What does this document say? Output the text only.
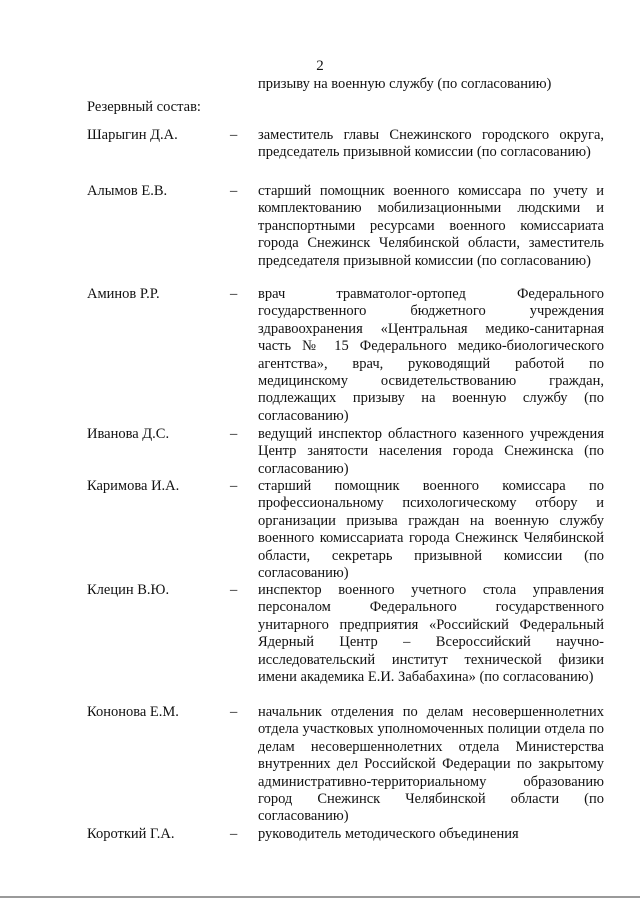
2
призыву на военную службу (по согласованию)
Резервный состав:
Шарыгин Д.А.	– заместитель главы Снежинского городского округа, председатель призывной комиссии (по согласованию)
Алымов Е.В.	– старший помощник военного комиссара по учету и комплектованию мобилизационными людскими и транспортными ресурсами военного комиссариата города Снежинск Челябинской области, заместитель председателя призывной комиссии (по согласованию)
Аминов Р.Р.	– врач травматолог-ортопед Федерального государственного бюджетного учреждения здравоохранения «Центральная медико-санитарная часть № 15 Федерального медико-биологического агентства», врач, руководящий работой по медицинскому освидетельствованию граждан, подлежащих призыву на военную службу (по согласованию)
Иванова Д.С.	– ведущий инспектор областного казенного учреждения Центр занятости населения города Снежинска (по согласованию)
Каримова И.А.	– старший помощник военного комиссара по профессиональному психологическому отбору и организации призыва граждан на военную службу военного комиссариата города Снежинск Челябинской области, секретарь призывной комиссии (по согласованию)
Клецин В.Ю.	– инспектор военного учетного стола управления персоналом Федерального государственного унитарного предприятия «Российский Федеральный Ядерный Центр – Всероссийский научно-исследовательский институт технической физики имени академика Е.И. Забабахина» (по согласованию)
Кононова Е.М.	– начальник отделения по делам несовершеннолетних отдела участковых уполномоченных полиции отдела по делам несовершеннолетних отдела Министерства внутренних дел Российской Федерации по закрытому административно-территориальному образованию город Снежинск Челябинской области (по согласованию)
Короткий Г.А.	– руководитель методического объединения
